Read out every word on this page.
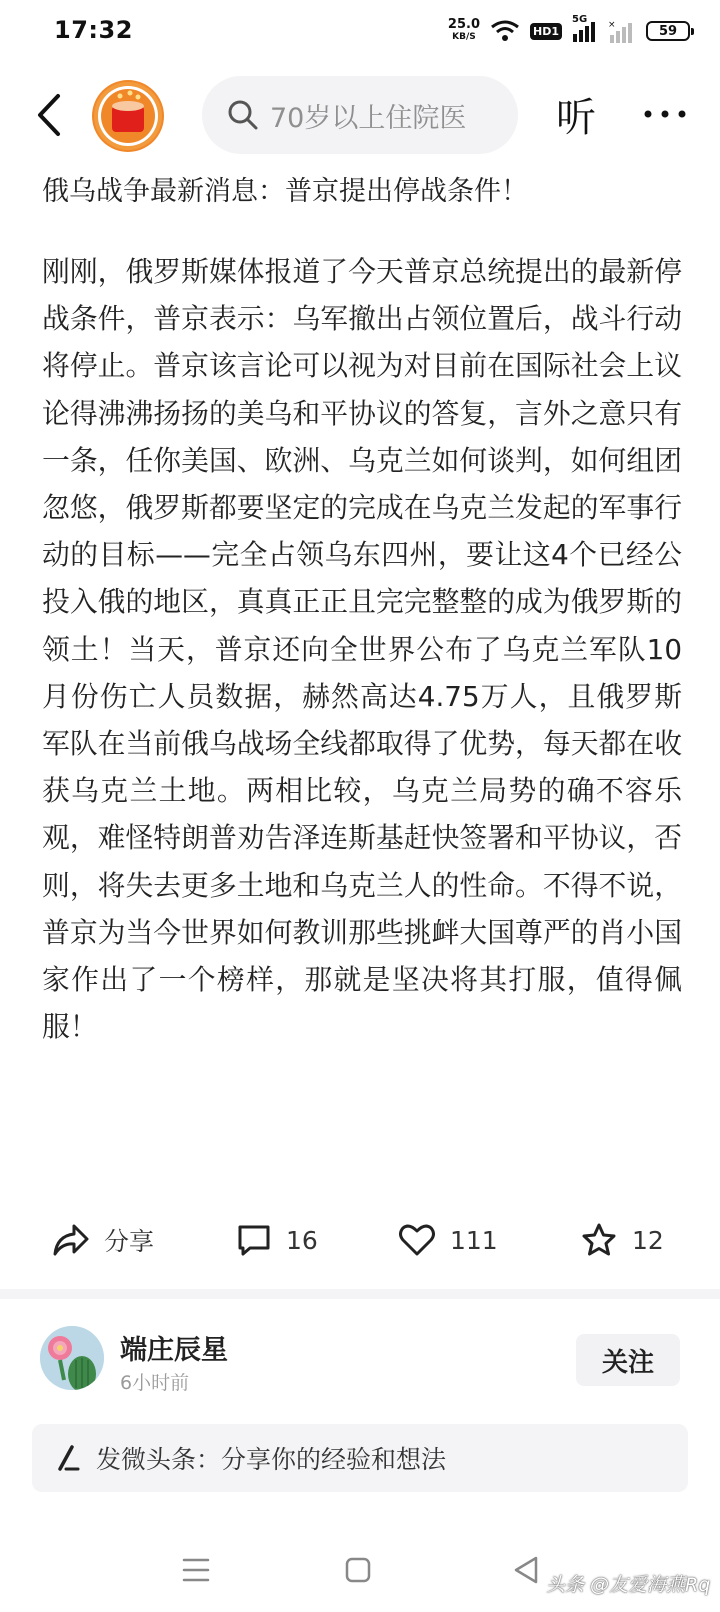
17:32	25.0
KB/S	HD1
5G ×	59
70岁以上住院医 听
俄乌战争最新消息：普京提出停战条件！
刚刚，俄罗斯媒体报道了今天普京总统提出的最新停战条件，普京表示：乌军撤出占领位置后，战斗行动将停止。普京该言论可以视为对目前在国际社会上议论得沸沸扬扬的美乌和平协议的答复，言外之意只有一条，任你美国、欧洲、乌克兰如何谈判，如何组团忽悠，俄罗斯都要坚定的完成在乌克兰发起的军事行动的目标——完全占领乌东四州，要让这4个已经公投入俄的地区，真真正正且完完整整的成为俄罗斯的领土！当天，普京还向全世界公布了乌克兰军队10月份伤亡人员数据，赫然高达4.75万人，且俄罗斯军队在当前俄乌战场全线都取得了优势，每天都在收获乌克兰土地。两相比较，乌克兰局势的确不容乐观，难怪特朗普劝告泽连斯基赶快签署和平协议，否则，将失去更多土地和乌克兰人的性命。不得不说，普京为当今世界如何教训那些挑衅大国尊严的肖小国家作出了一个榜样，那就是坚决将其打服，值得佩服！
分享	16	111	12
端庄辰星
6小时前
关注
发微头条：分享你的经验和想法
头条 @友爱海燕Rq
